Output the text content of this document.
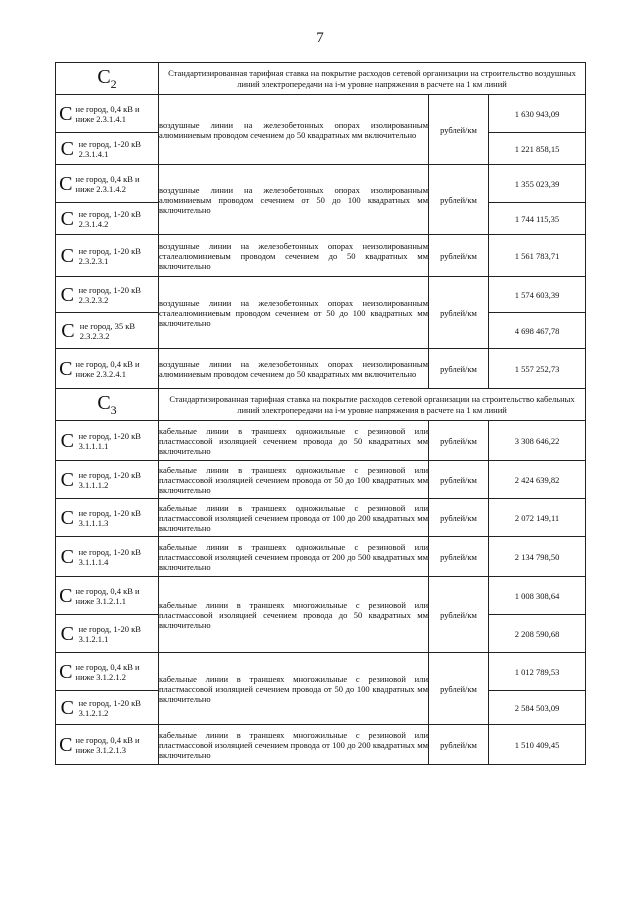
7
$C_2$	Стандартизированная тарифная ставка на покрытие расходов сетевой организации на строительство воздушных линий электропередачи на i-м уровне напряжения в расчете на 1 км линий		

C не город, 0,4 кВ и ниже 2.3.1.4.1	воздушные линии на железобетонных опорах изолированным алюминиевым проводом сечением до 50 квадратных мм включительно	рублей/км	1 630 943,09

C не город, 1-20 кВ 2.3.1.4.1			1 221 858,15

C не город, 0,4 кВ и ниже 2.3.1.4.2	воздушные линии на железобетонных опорах изолированным алюминиевым проводом сечением от 50 до 100 квадратных мм включительно	рублей/км	1 355 023,39

C не город, 1-20 кВ 2.3.1.4.2			1 744 115,35

C не город, 1-20 кВ 2.3.2.3.1	воздушные линии на железобетонных опорах неизолированным сталеалюминиевым проводом сечением до 50 квадратных мм включительно	рублей/км	1 561 783,71

C не город, 1-20 кВ 2.3.2.3.2	воздушные линии на железобетонных опорах неизолированным сталеалюминиевым проводом сечением от 50 до 100 квадратных мм включительно	рублей/км	1 574 603,39

C не город, 35 кВ 2.3.2.3.2			4 698 467,78

C не город, 0,4 кВ и ниже 2.3.2.4.1	воздушные линии на железобетонных опорах неизолированным алюминиевым проводом сечением до 50 квадратных мм включительно	рублей/км	1 557 252,73
$C_3$	Стандартизированная тарифная ставка на покрытие расходов сетевой организации на строительство кабельных линий электропередачи на i-м уровне напряжения в расчете на 1 км линий		

C не город, 1-20 кВ 3.1.1.1.1	кабельные линии в траншеях одножильные с резиновой или пластмассовой изоляцией сечением провода до 50 квадратных мм включительно	рублей/км	3 308 646,22

C не город, 1-20 кВ 3.1.1.1.2	кабельные линии в траншеях одножильные с резиновой или пластмассовой изоляцией сечением провода от 50 до 100 квадратных мм включительно	рублей/км	2 424 639,82

C не город, 1-20 кВ 3.1.1.1.3	кабельные линии в траншеях одножильные с резиновой или пластмассовой изоляцией сечением провода от 100 до 200 квадратных мм включительно	рублей/км	2 072 149,11

C не город, 1-20 кВ 3.1.1.1.4	кабельные линии в траншеях одножильные с резиновой или пластмассовой изоляцией сечением провода от 200 до 500 квадратных мм включительно	рублей/км	2 134 798,50

C не город, 0,4 кВ и ниже 3.1.2.1.1	кабельные линии в траншеях многожильные с резиновой или пластмассовой изоляцией сечением провода до 50 квадратных мм включительно	рублей/км	1 008 308,64

C не город, 1-20 кВ 3.1.2.1.1			2 208 590,68

C не город, 0,4 кВ и ниже 3.1.2.1.2	кабельные линии в траншеях многожильные с резиновой или пластмассовой изоляцией сечением провода от 50 до 100 квадратных мм включительно	рублей/км	1 012 789,53

C не город, 1-20 кВ 3.1.2.1.2			2 584 503,09

C не город, 0,4 кВ и ниже 3.1.2.1.3	кабельные линии в траншеях многожильные с резиновой или пластмассовой изоляцией сечением провода от 100 до 200 квадратных мм включительно	рублей/км	1 510 409,45
